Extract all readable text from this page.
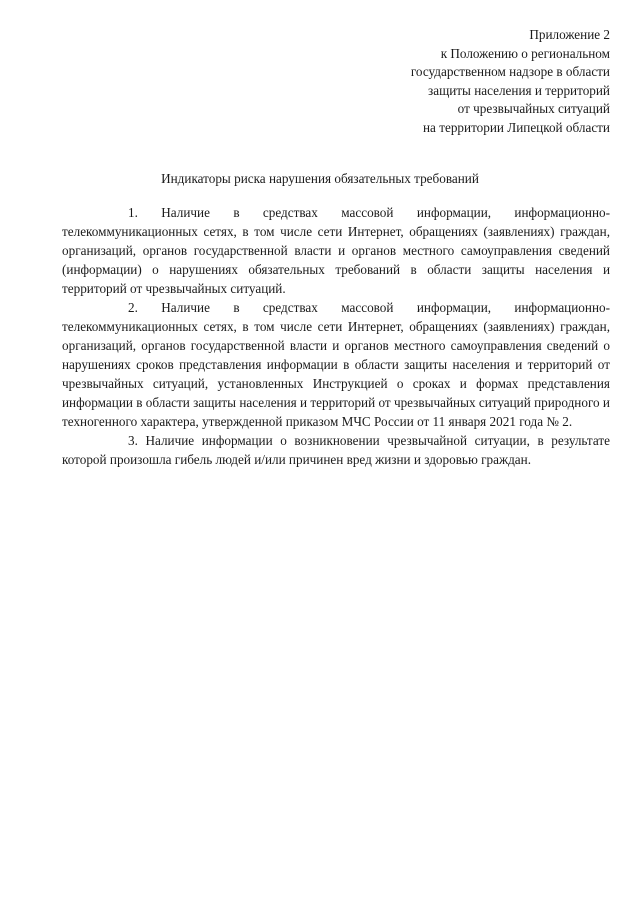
Приложение 2
к Положению о региональном
государственном надзоре в области
защиты населения и территорий
от чрезвычайных ситуаций
на территории Липецкой области
Индикаторы риска нарушения обязательных требований

1. Наличие в средствах массовой информации, информационно-телекоммуникационных сетях, в том числе сети Интернет, обращениях (заявлениях) граждан, организаций, органов государственной власти и органов местного самоуправления сведений (информации) о нарушениях обязательных требований в области защиты населения и территорий от чрезвычайных ситуаций.

2. Наличие в средствах массовой информации, информационно-телекоммуникационных сетях, в том числе сети Интернет, обращениях (заявлениях) граждан, организаций, органов государственной власти и органов местного самоуправления сведений о нарушениях сроков представления информации в области защиты населения и территорий от чрезвычайных ситуаций, установленных Инструкцией о сроках и формах представления информации в области защиты населения и территорий от чрезвычайных ситуаций природного и техногенного характера, утвержденной приказом МЧС России от 11 января 2021 года № 2.

3. Наличие информации о возникновении чрезвычайной ситуации, в результате которой произошла гибель людей и/или причинен вред жизни и здоровью граждан.
